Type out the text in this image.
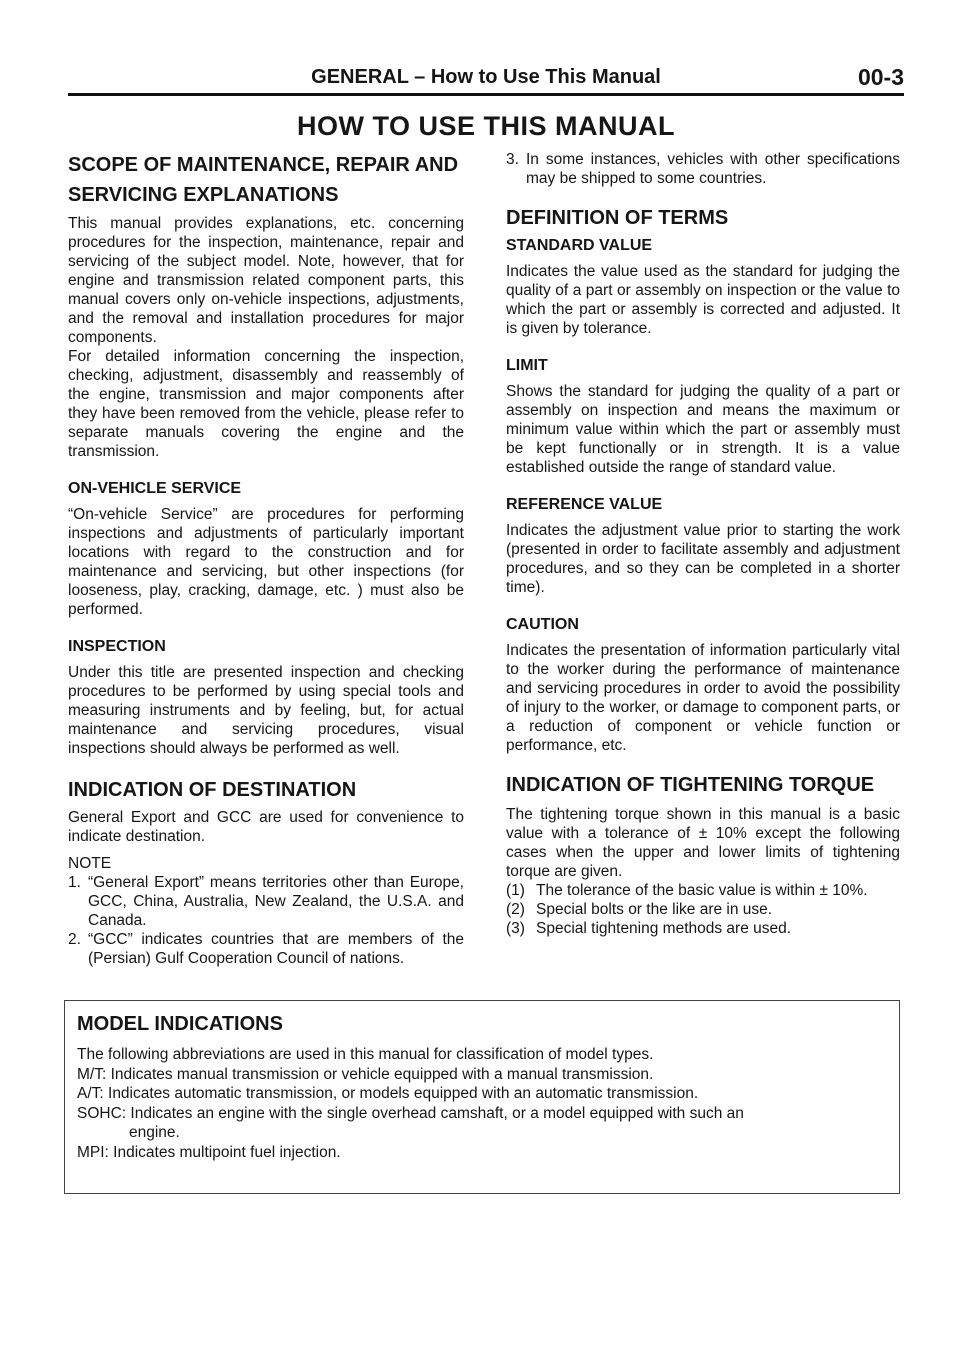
GENERAL – How to Use This Manual	00-3
HOW TO USE THIS MANUAL
SCOPE OF MAINTENANCE, REPAIR AND SERVICING EXPLANATIONS

This manual provides explanations, etc. concerning procedures for the inspection, maintenance, repair and servicing of the subject model. Note, however, that for engine and transmission related component parts, this manual covers only on-vehicle inspections, adjustments, and the removal and installation procedures for major components.

For detailed information concerning the inspection, checking, adjustment, disassembly and reassembly of the engine, transmission and major components after they have been removed from the vehicle, please refer to separate manuals covering the engine and the transmission.

ON-VEHICLE SERVICE

“On-vehicle Service” are procedures for performing inspections and adjustments of particularly important locations with regard to the construction and for maintenance and servicing, but other inspections (for looseness, play, cracking, damage, etc. ) must also be performed.

INSPECTION

Under this title are presented inspection and checking procedures to be performed by using special tools and measuring instruments and by feeling, but, for actual maintenance and servicing procedures, visual inspections should always be performed as well.

INDICATION OF DESTINATION

General Export and GCC are used for convenience to indicate destination.

NOTE

1. “General Export” means territories other than Europe, GCC, China, Australia, New Zealand, the U.S.A. and Canada.
2. “GCC” indicates countries that are members of the (Persian) Gulf Cooperation Council of nations.
3. In some instances, vehicles with other specifications may be shipped to some countries.
DEFINITION OF TERMS
STANDARD VALUE

Indicates the value used as the standard for judging the quality of a part or assembly on inspection or the value to which the part or assembly is corrected and adjusted. It is given by tolerance.

LIMIT

Shows the standard for judging the quality of a part or assembly on inspection and means the maximum or minimum value within which the part or assembly must be kept functionally or in strength. It is a value established outside the range of standard value.

REFERENCE VALUE

Indicates the adjustment value prior to starting the work (presented in order to facilitate assembly and adjustment procedures, and so they can be completed in a shorter time).

CAUTION

Indicates the presentation of information particularly vital to the worker during the performance of maintenance and servicing procedures in order to avoid the possibility of injury to the worker, or damage to component parts, or a reduction of component or vehicle function or performance, etc.

INDICATION OF TIGHTENING TORQUE

The tightening torque shown in this manual is a basic value with a tolerance of ± 10% except the following cases when the upper and lower limits of tightening torque are given.

(1) The tolerance of the basic value is within ± 10%.
(2) Special bolts or the like are in use.
(3) Special tightening methods are used.
MODEL INDICATIONS
The following abbreviations are used in this manual for classification of model types.
M/T: Indicates manual transmission or vehicle equipped with a manual transmission.
A/T: Indicates automatic transmission, or models equipped with an automatic transmission.
SOHC: Indicates an engine with the single overhead camshaft, or a model equipped with such an
engine.
MPI: Indicates multipoint fuel injection.
